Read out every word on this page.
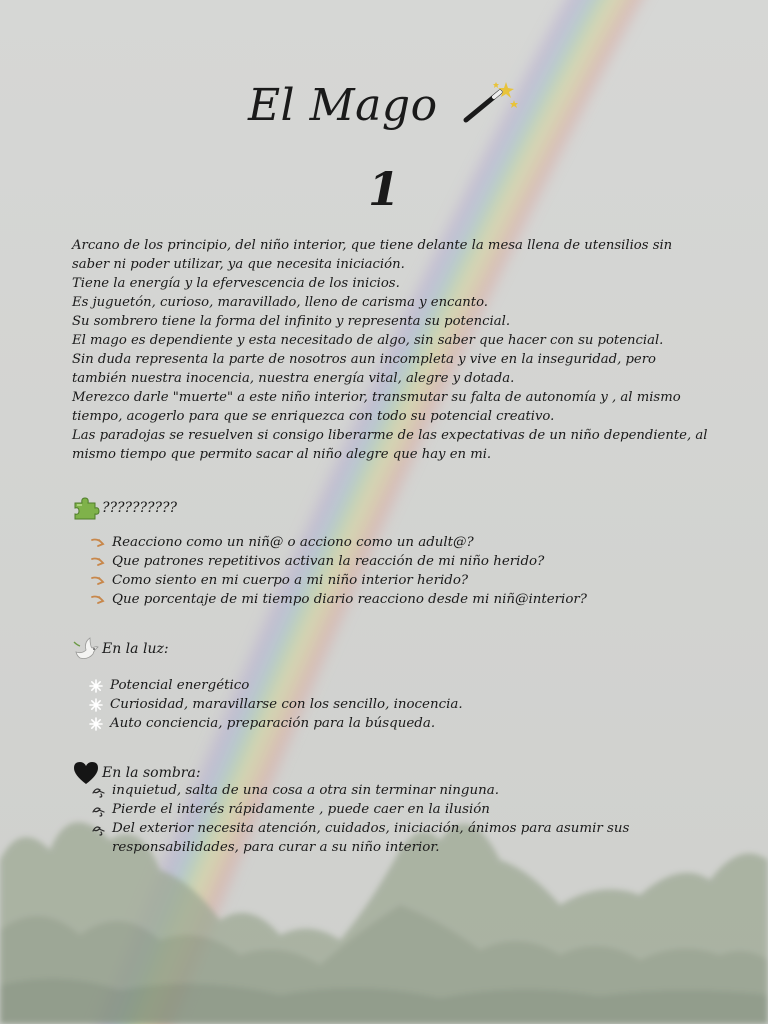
El Mago
1

Arcano de los principio, del niño interior, que tiene delante la mesa llena de utensilios sin saber ni poder utilizar, ya que necesita iniciación.

Tiene la energía y la efervescencia de los inicios.

Es juguetón, curioso, maravillado, lleno de carisma y encanto.

Su sombrero tiene la forma del infinito y representa su potencial.

El mago es dependiente y esta necesitado de algo, sin saber que hacer con su potencial.

Sin duda representa la parte de nosotros aun incompleta y vive en la inseguridad, pero también nuestra inocencia, nuestra energía vital, alegre y dotada.

Merezco darle "muerte" a este niño interior, transmutar su falta de autonomía y , al mismo tiempo, acogerlo para que se enriquezca con todo su potencial creativo.

Las paradojas se resuelven si consigo liberarme de las expectativas de un niño dependiente, al mismo tiempo que permito sacar al niño alegre que hay en mi.

??????????
Reacciono como un niñ@ o acciono como un adult@?
Que patrones repetitivos activan la reacción de mi niño herido?
Como siento en mi cuerpo a mi niño interior herido?
Que porcentaje de mi tiempo diario reacciono desde mi niñ@interior?
En la luz:
Potencial energético
Curiosidad, maravillarse con los sencillo, inocencia.
Auto conciencia, preparación para la búsqueda.
En la sombra:
inquietud, salta de una cosa a otra sin terminar ninguna.
Pierde el interés rápidamente , puede caer en la ilusión
Del exterior necesita atención, cuidados, iniciación, ánimos para asumir sus responsabilidades, para curar a su niño interior.
